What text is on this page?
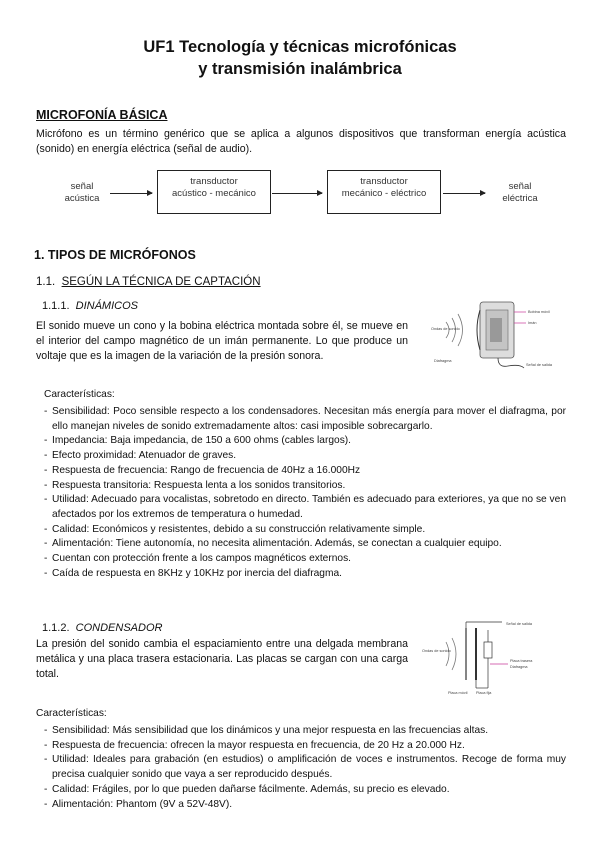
UF1 Tecnología y técnicas microfónicas
y transmisión inalámbrica
MICROFONÍA BÁSICA
Micrófono es un término genérico que se aplica a algunos dispositivos que transforman energía acústica (sonido) en energía eléctrica (señal de audio).
señal
acústica
transductor
acústico - mecánico
transductor
mecánico - eléctrico
señal
eléctrica
1. TIPOS DE MICRÓFONOS
1.1. SEGÚN LA TÉCNICA DE CAPTACIÓN
1.1.1. DINÁMICOS
El sonido mueve un cono y la bobina eléctrica montada sobre él, se mueve en el interior del campo magnético de un imán permanente. Lo que produce un voltaje que es la imagen de la variación de la presión sonora.
Ondas de sonido
Diafragma
Bobina móvil
Imán
Señal de salida
Características:
- Sensibilidad: Poco sensible respecto a los condensadores. Necesitan más energía para mover el diafragma, por ello manejan niveles de sonido extremadamente altos: casi imposible sobrecargarlo.
- Impedancia: Baja impedancia, de 150 a 600 ohms (cables largos).
- Efecto proximidad: Atenuador de graves.
- Respuesta de frecuencia: Rango de frecuencia de 40Hz a 16.000Hz
- Respuesta transitoria: Respuesta lenta a los sonidos transitorios.
- Utilidad: Adecuado para vocalistas, sobretodo en directo. También es adecuado para exteriores, ya que no se ven afectados por los extremos de temperatura o humedad.
- Calidad: Económicos y resistentes, debido a su construcción relativamente simple.
- Alimentación: Tiene autonomía, no necesita alimentación. Además, se conectan a cualquier equipo.
- Cuentan con protección frente a los campos magnéticos externos.
- Caída de respuesta en 8KHz y 10KHz por inercia del diafragma.
1.1.2. CONDENSADOR
La presión del sonido cambia el espaciamiento entre una delgada membrana metálica y una placa trasera estacionaria. Las placas se cargan con una carga total.
Señal de salida
Ondas de sonido
Placa trasera
Diafragma
Placa móvil Placa fija
Características:
- Sensibilidad: Más sensibilidad que los dinámicos y una mejor respuesta en las frecuencias altas.
- Respuesta de frecuencia: ofrecen la mayor respuesta en frecuencia, de 20 Hz a 20.000 Hz.
- Utilidad: Ideales para grabación (en estudios) o amplificación de voces e instrumentos. Recoge de forma muy precisa cualquier sonido que vaya a ser reproducido después.
- Calidad: Frágiles, por lo que pueden dañarse fácilmente. Además, su precio es elevado.
- Alimentación: Phantom (9V a 52V-48V).
